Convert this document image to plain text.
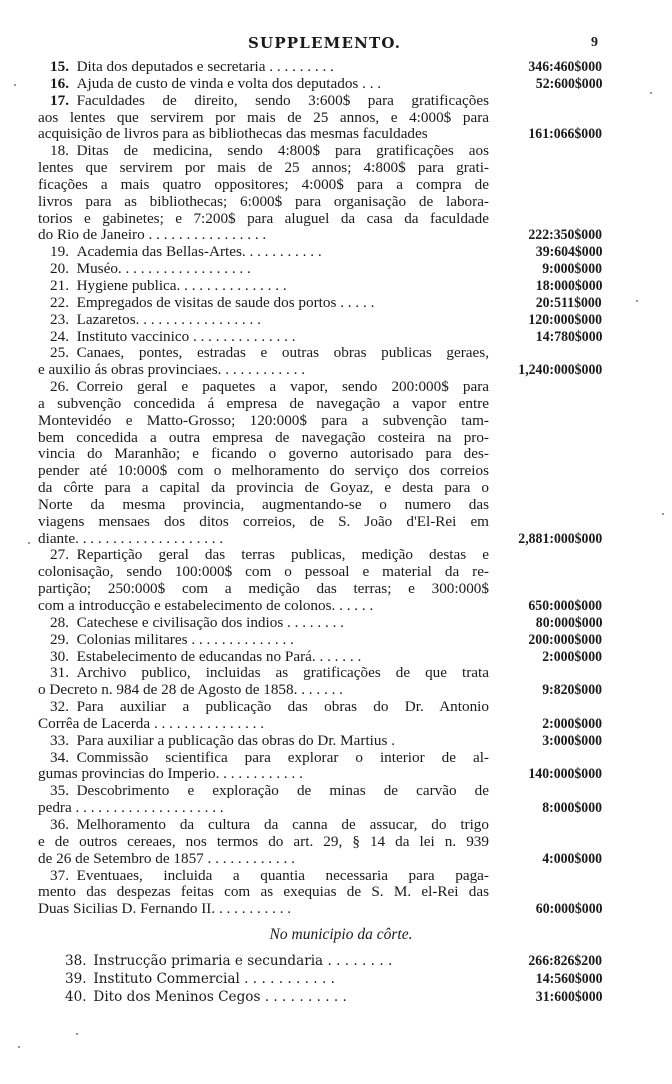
SUPPLEMENTO.	9
15.  Dita dos deputados e secretaria . . . . . . . . .	346:460$000
16.  Ajuda de custo de vinda e volta dos deputados . . .	52:600$000
17.  Faculdades de direito, sendo 3:600$ para gratificações
aos lentes que servirem por mais de 25 annos, e 4:000$ para
acquisição de livros para as bibliothecas das mesmas faculdades	161:066$000
18.  Ditas de medicina, sendo 4:800$ para gratificações aos
lentes que servirem por mais de 25 annos; 4:800$ para grati-
ficações a mais quatro oppositores; 4:000$ para a compra de
livros para as bibliothecas; 6:000$ para organisação de labora-
torios e gabinetes; e 7:200$ para aluguel da casa da faculdade
do Rio de Janeiro . . . . . . . . . . . . . . . .	222:350$000
19.  Academia das Bellas-Artes. . . . . . . . . . .	39:604$000
20.  Muséo. . . . . . . . . . . . . . . . . .	9:000$000
21.  Hygiene publica. . . . . . . . . . . . . . .	18:000$000
22.  Empregados de visitas de saude dos portos . . . . .	20:511$000
23.  Lazaretos. . . . . . . . . . . . . . . . .	120:000$000
24.  Instituto vaccinico . . . . . . . . . . . . . .	14:780$000
25.  Canaes, pontes, estradas e outras obras publicas geraes,
e auxilio ás obras provinciaes. . . . . . . . . . . .	1,240:000$000
26.  Correio geral e paquetes a vapor, sendo 200:000$ para
a subvenção concedida á empresa de navegação a vapor entre
Montevidéo e Matto-Grosso; 120:000$ para a subvenção tam-
bem concedida a outra empresa de navegação costeira na pro-
vincia do Maranhão; e ficando o governo autorisado para des-
pender até 10:000$ com o melhoramento do serviço dos correios
da côrte para a capital da provincia de Goyaz, e desta para o
Norte da mesma provincia, augmentando-se o numero das
viagens mensaes dos ditos correios, de S. João d'El-Rei em
diante. . . . . . . . . . . . . . . . . . . .	2,881:000$000
27.  Repartição geral das terras publicas, medição destas e
colonisação, sendo 100:000$ com o pessoal e material da re-
partição; 250:000$ com a medição das terras; e 300:000$
com a introducção e estabelecimento de colonos. . . . . .	650:000$000
28.  Catechese e civilisação dos indios . . . . . . . .	80:000$000
29.  Colonias militares . . . . . . . . . . . . . .	200:000$000
30.  Estabelecimento de educandas no Pará. . . . . . .	2:000$000
31.  Archivo publico, incluidas as gratificações de que trata
o Decreto n. 984 de 28 de Agosto de 1858. . . . . . .	9:820$000
32.  Para auxiliar a publicação das obras do Dr. Antonio
Corrêa de Lacerda . . . . . . . . . . . . . . .	2:000$000
33.  Para auxiliar a publicação das obras do Dr. Martius .	3:000$000
34.  Commissão scientifica para explorar o interior de al-
gumas provincias do Imperio. . . . . . . . . . . .	140:000$000
35.  Descobrimento e exploração de minas de carvão de
pedra . . . . . . . . . . . . . . . . . . . .	8:000$000
36.  Melhoramento da cultura da canna de assucar, do trigo
e de outros cereaes, nos termos do art. 29, § 14 da lei n. 939
de 26 de Setembro de 1857 . . . . . . . . . . . .	4:000$000
37.  Eventuaes, incluida a quantia necessaria para paga-
mento das despezas feitas com as exequias de S. M. el-Rei das
Duas Sicilias D. Fernando II. . . . . . . . . . .	60:000$000
No municipio da côrte.
38.  Instrucção primaria e secundaria . . . . . . . .	266:826$200
39.  Instituto Commercial . . . . . . . . . . .	14:560$000
40.  Dito dos Meninos Cegos . . . . . . . . . .	31:600$000
